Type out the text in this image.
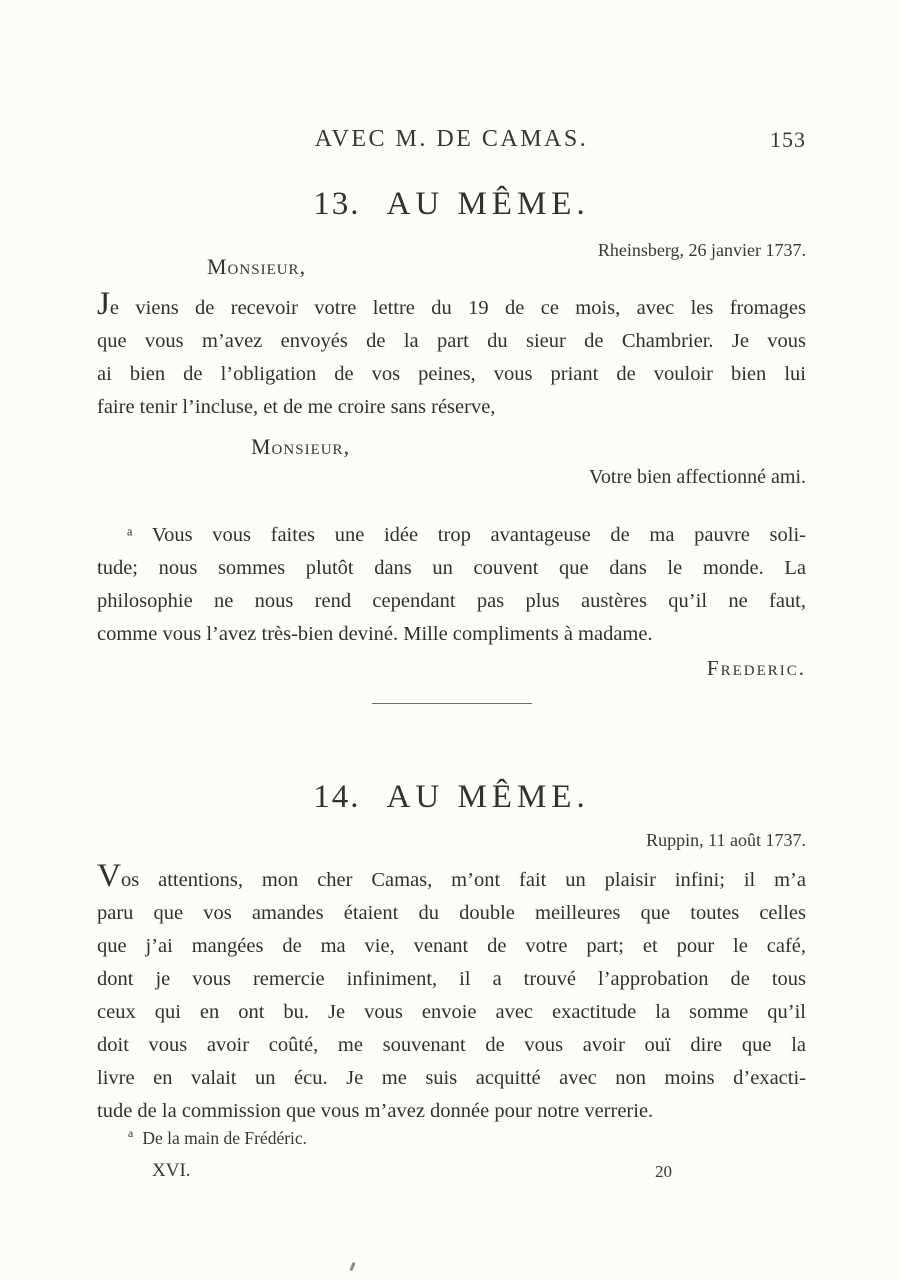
AVEC M. DE CAMAS.	153
13. AU MÊME.
Rheinsberg, 26 janvier 1737.
Monsieur,
Je viens de recevoir votre lettre du 19 de ce mois, avec les fromages
que vous m’avez envoyés de la part du sieur de Chambrier. Je vous
ai bien de l’obligation de vos peines, vous priant de vouloir bien lui
faire tenir l’incluse, et de me croire sans réserve,
Monsieur,
Votre bien affectionné ami.
ᵃ Vous vous faites une idée trop avantageuse de ma pauvre soli-
tude; nous sommes plutôt dans un couvent que dans le monde. La
philosophie ne nous rend cependant pas plus austères qu’il ne faut,
comme vous l’avez très-bien deviné. Mille compliments à madame.
Frederic.
14. AU MÊME.
Ruppin, 11 août 1737.
Vos attentions, mon cher Camas, m’ont fait un plaisir infini; il m’a
paru que vos amandes étaient du double meilleures que toutes celles
que j’ai mangées de ma vie, venant de votre part; et pour le café,
dont je vous remercie infiniment, il a trouvé l’approbation de tous
ceux qui en ont bu. Je vous envoie avec exactitude la somme qu’il
doit vous avoir coûté, me souvenant de vous avoir ouï dire que la
livre en valait un écu. Je me suis acquitté avec non moins d’exacti-
tude de la commission que vous m’avez donnée pour notre verrerie.
$^a$ De la main de Frédéric.
XVI.	20
